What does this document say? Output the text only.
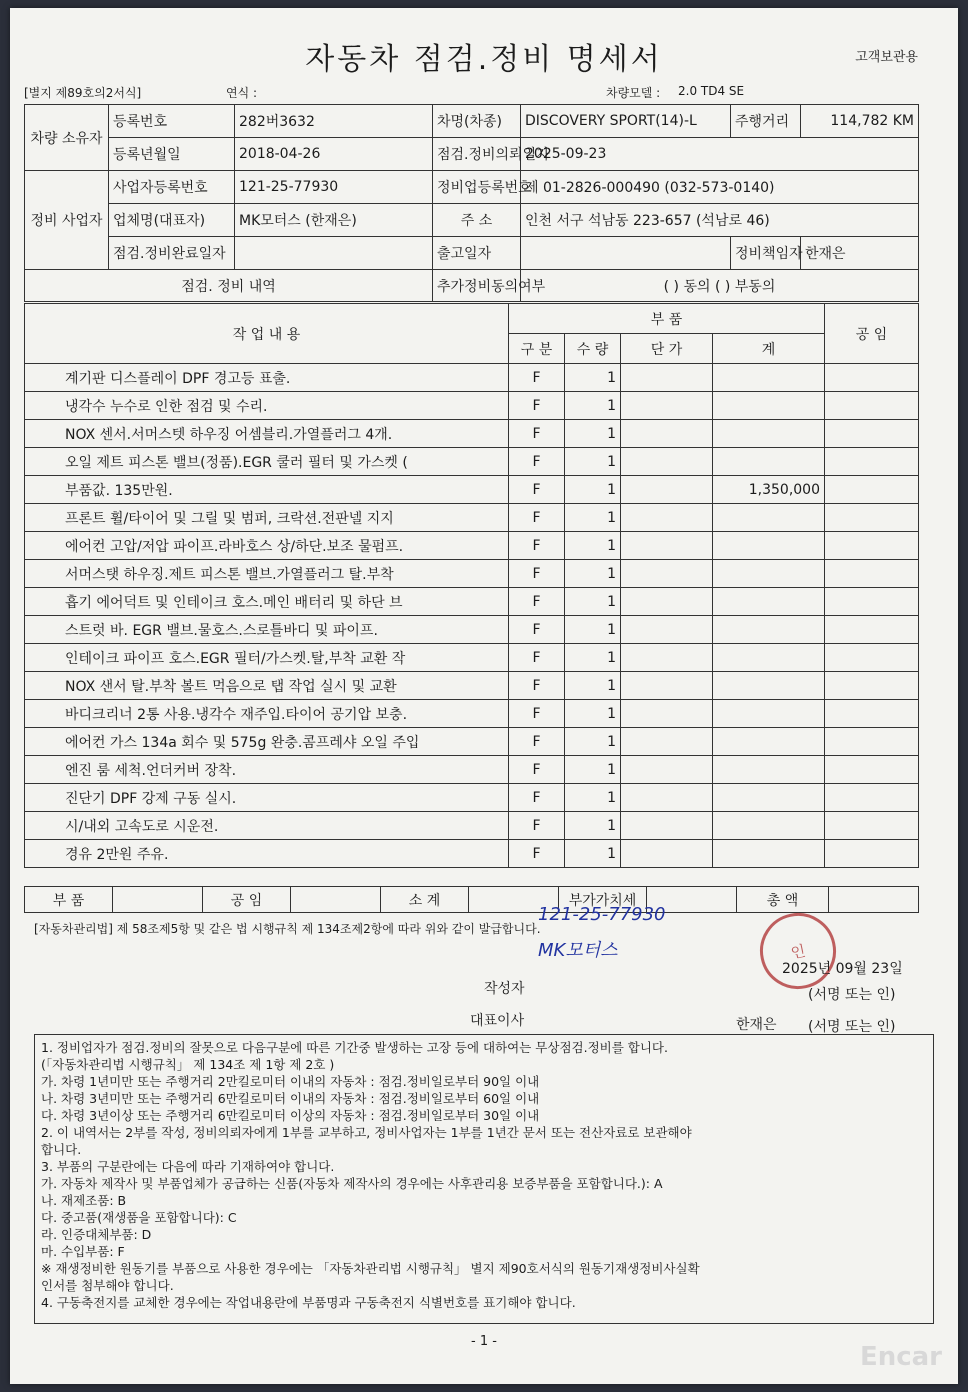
자동차 점검.정비 명세서	고객보관용
[별지 제89호의2서식]	연식 :	차량모델 : 2.0 TD4 SE
차량 소유자	등록번호	282버3632	차명(차종)	DISCOVERY SPORT(14)-L	주행거리	114,782 KM
	등록년월일	2018-04-26	점검.정비의뢰일자	2025-09-23		
정비 사업자	사업자등록번호	121-25-77930	정비업등록번호	제 01-2826-000490 (032-573-0140)		
	업체명(대표자)	MK모터스 (한재은)	주 소	인천 서구 석남동 223-657 (석남로 46)		
	점검.정비완료일자		출고일자		정비책임자	한재은
점검. 정비 내역			추가정비동의여부	( ) 동의 ( ) 부동의		
작 업 내 용	부 품				공 임
	구 분	수 량	단 가	계	
계기판 디스플레이 DPF 경고등 표출.	F	1			
냉각수 누수로 인한 점검 및 수리.	F	1			
NOX 센서.서머스텟 하우징 어셈블리.가열플러그 4개.	F	1			
오일 제트 피스톤 밸브(정품).EGR 쿨러 필터 및 가스켓 (	F	1			
부품값. 135만원.	F	1		1,350,000	
프론트 휠/타이어 및 그릴 및 범퍼, 크락션.전판넬 지지	F	1			
에어컨 고압/저압 파이프.라바호스 상/하단.보조 물펌프.	F	1			
서머스탯 하우징.제트 피스톤 밸브.가열플러그 탈.부착	F	1			
흡기 에어덕트 및 인테이크 호스.메인 배터리 및 하단 브	F	1			
스트럿 바. EGR 밸브.물호스.스로틀바디 및 파이프.	F	1			
인테이크 파이프 호스.EGR 필터/가스켓.탈,부착 교환 작	F	1			
NOX 샌서 탈.부착 볼트 먹음으로 탭 작업 실시 및 교환	F	1			
바디크리너 2통 사용.냉각수 재주입.타이어 공기압 보충.	F	1			
에어컨 가스 134a 회수 및 575g 완충.콤프레샤 오일 주입	F	1			
엔진 룸 세척.언더커버 장착.	F	1			
진단기 DPF 강제 구동 실시.	F	1			
시/내외 고속도로 시운전.	F	1			
경유 2만원 주유.	F	1			
부 품		공 임		소 계		부가가치세		총 액	
[자동차관리법] 제 58조제5항 및 같은 법 시행규칙 제 134조제2항에 따라 위와 같이 발급합니다.
121-25-77930
MK모터스	인
2025년 09월 23일
작성자	(서명 또는 인)
대표이사	한재은 (서명 또는 인)
1. 정비업자가 점검.정비의 잘못으로 다음구분에 따른 기간중 발생하는 고장 등에 대하여는 무상점검.정비를 합니다.
(「자동차관리법 시행규칙」 제 134조 제 1항 제 2호 )
가. 차령 1년미만 또는 주행거리 2만킬로미터 이내의 자동차 : 점검.정비일로부터 90일 이내
나. 차령 3년미만 또는 주행거리 6만킬로미터 이내의 자동차 : 점검.정비일로부터 60일 이내
다. 차령 3년이상 또는 주행거리 6만킬로미터 이상의 자동차 : 점검.정비일로부터 30일 이내
2. 이 내역서는 2부를 작성, 정비의뢰자에게 1부를 교부하고, 정비사업자는 1부를 1년간 문서 또는 전산자료로 보관해야
합니다.
3. 부품의 구분란에는 다음에 따라 기재하여야 합니다.
가. 자동차 제작사 및 부품업체가 공급하는 신품(자동차 제작사의 경우에는 사후관리용 보증부품을 포함합니다.): A
나. 재제조품: B
다. 중고품(재생품을 포함합니다): C
라. 인증대체부품: D
마. 수입부품: F
※ 재생정비한 원동기를 부품으로 사용한 경우에는 「자동차관리법 시행규칙」 별지 제90호서식의 원동기재생정비사실확
인서를 첨부해야 합니다.
4. 구동축전지를 교체한 경우에는 작업내용란에 부품명과 구동축전지 식별번호를 표기해야 합니다.
- 1 -
Encar
